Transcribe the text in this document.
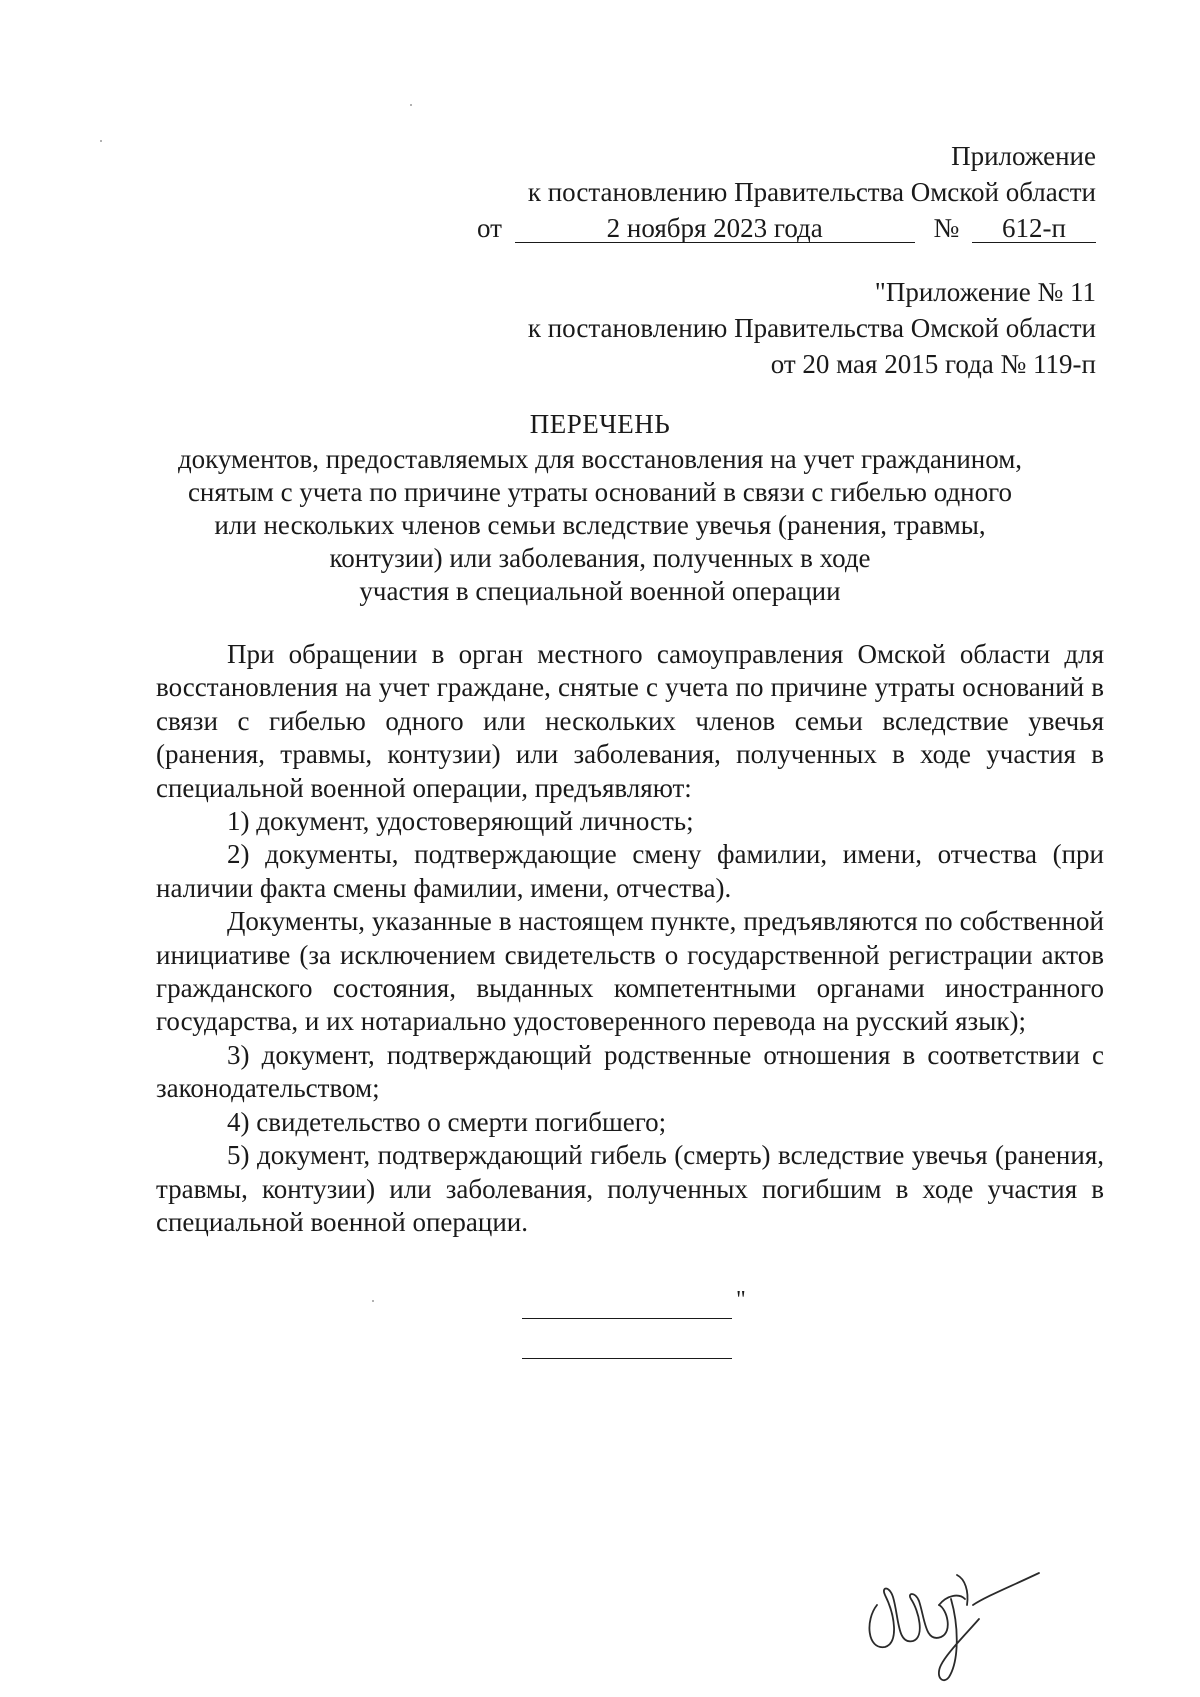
Приложение
к постановлению Правительства Омской области
от	2 ноября 2023 года	№ 612-п
"Приложение № 11
к постановлению Правительства Омской области
от 20 мая 2015 года № 119-п
ПЕРЕЧЕНЬ
документов, предоставляемых для восстановления на учет гражданином,
снятым с учета по причине утраты оснований в связи с гибелью одного
или нескольких членов семьи вследствие увечья (ранения, травмы,
контузии) или заболевания, полученных в ходе
участия в специальной военной операции

При обращении в орган местного самоуправления Омской области для восстановления на учет граждане, снятые с учета по причине утраты оснований в связи с гибелью одного или нескольких членов семьи вследствие увечья (ранения, травмы, контузии) или заболевания, полученных в ходе участия в специальной военной операции, предъявляют:

1) документ, удостоверяющий личность;

2) документы, подтверждающие смену фамилии, имени, отчества (при наличии факта смены фамилии, имени, отчества).

Документы, указанные в настоящем пункте, предъявляются по собственной инициативе (за исключением свидетельств о государственной регистрации актов гражданского состояния, выданных компетентными органами иностранного государства, и их нотариально удостоверенного перевода на русский язык);

3) документ, подтверждающий родственные отношения в соответствии с законодательством;

4) свидетельство о смерти погибшего;

5) документ, подтверждающий гибель (смерть) вследствие увечья (ранения, травмы, контузии) или заболевания, полученных погибшим в ходе участия в специальной военной операции.

"
